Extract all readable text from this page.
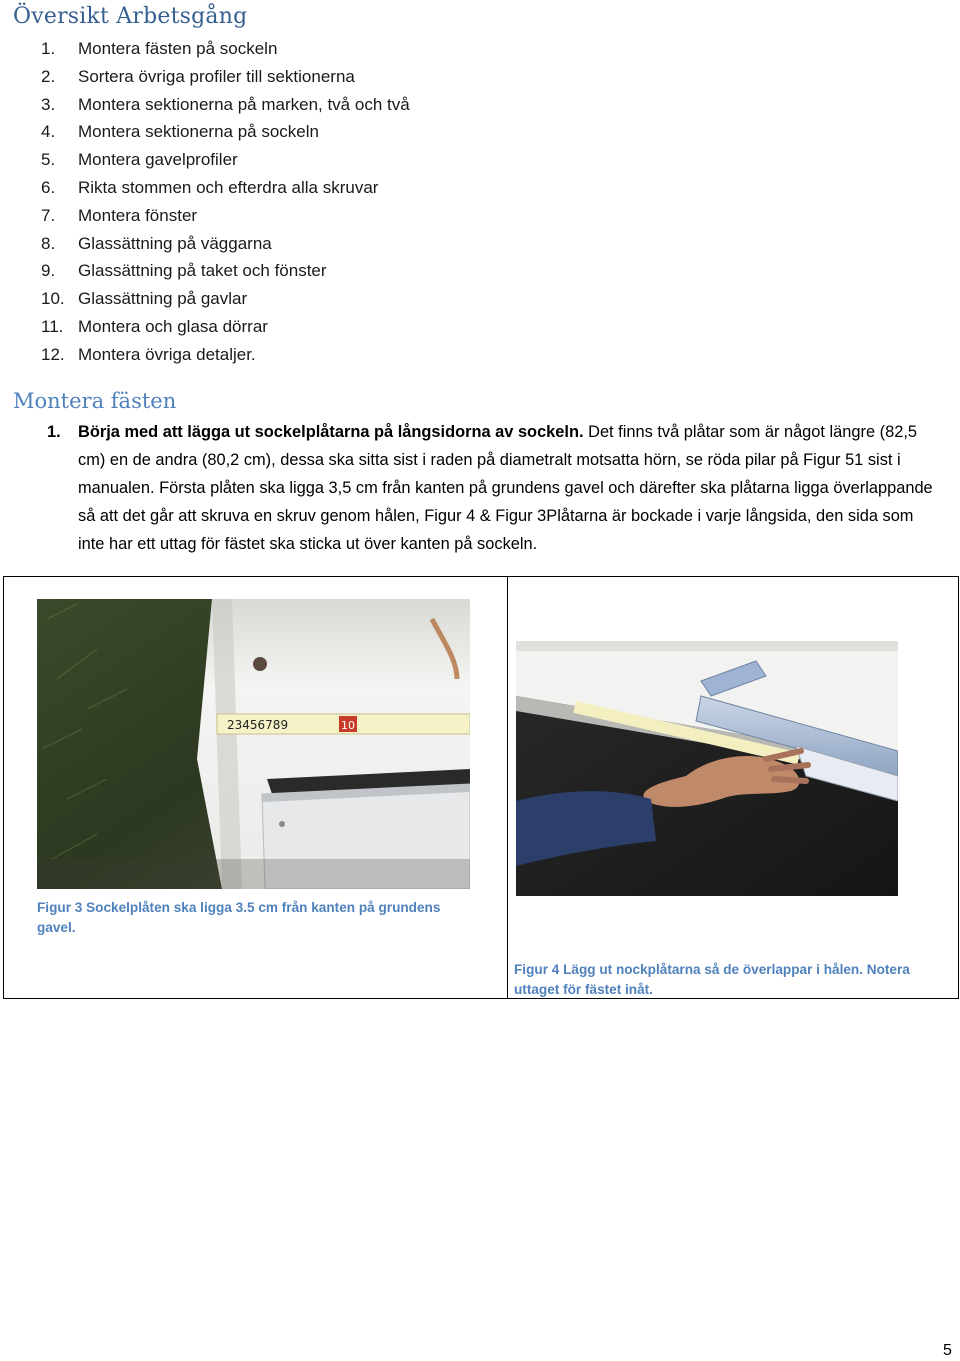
Översikt Arbetsgång
1. Montera fästen på sockeln
2. Sortera övriga profiler till sektionerna
3. Montera sektionerna på marken, två och två
4. Montera sektionerna på sockeln
5. Montera gavelprofiler
6. Rikta stommen och efterdra alla skruvar
7. Montera fönster
8. Glassättning på väggarna
9. Glassättning på taket och fönster
10. Glassättning på gavlar
11. Montera och glasa dörrar
12. Montera övriga detaljer.
Montera fästen
1. Börja med att lägga ut sockelplåtarna på långsidorna av sockeln. Det finns två plåtar som är något längre (82,5 cm) en de andra (80,2 cm), dessa ska sitta sist i raden på diametralt motsatta hörn, se röda pilar på Figur 51 sist i manualen. Första plåten ska ligga 3,5 cm från kanten på grundens gavel och därefter ska plåtarna ligga överlappande så att det går att skruva en skruv genom hålen, Figur 4 & Figur 3Plåtarna är bockade i varje långsida, den sida som inte har ett uttag för fästet ska sticka ut över kanten på sockeln.
23456789	10

Figur 3 Sockelplåten ska ligga 3.5 cm från kanten på grundens gavel.

Figur 4 Lägg ut nockplåtarna så de överlappar i hålen. Notera uttaget för fästet inåt.

5
